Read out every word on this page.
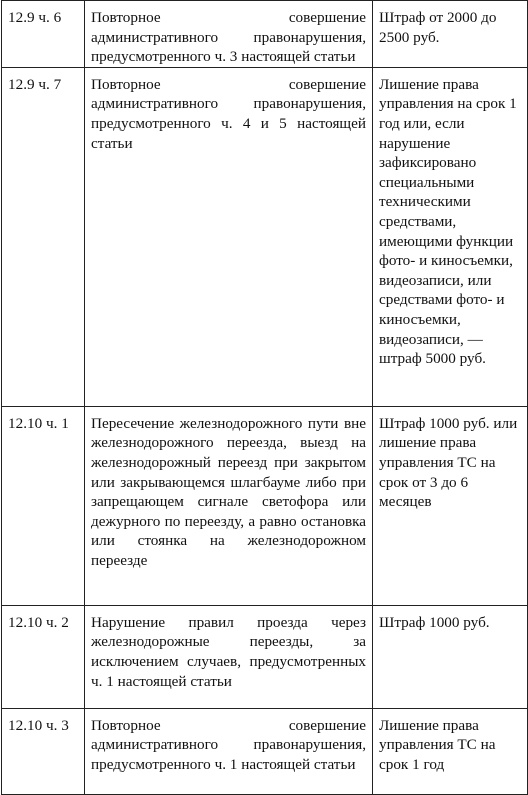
12.9 ч. 6	Повторное совершение административного правонарушения, предусмотренного ч. 3 настоящей статьи	Штраф от 2000 до 2500 руб.
12.9 ч. 7	Повторное совершение административного правонарушения, предусмотренного ч. 4 и 5 настоящей статьи	Лишение права управления на срок 1 год или, если нарушение зафиксировано специальными техническими средствами, имеющими функции фото- и киносъемки, видеозаписи, или средствами фото- и киносъемки, видеозаписи, — штраф 5000 руб.
12.10 ч. 1	Пересечение железнодорожного пути вне железнодорожного переезда, выезд на железнодорожный переезд при закрытом или закрывающемся шлагбауме либо при запрещающем сигнале светофора или дежурного по переезду, а равно остановка или стоянка на железнодорожном переезде	Штраф 1000 руб. или лишение права управления ТС на срок от 3 до 6 месяцев
12.10 ч. 2	Нарушение правил проезда через железнодорожные переезды, за исключением случаев, предусмотренных ч. 1 настоящей статьи	Штраф 1000 руб.
12.10 ч. 3	Повторное совершение административного правонарушения, предусмотренного ч. 1 настоящей статьи	Лишение права управления ТС на срок 1 год
